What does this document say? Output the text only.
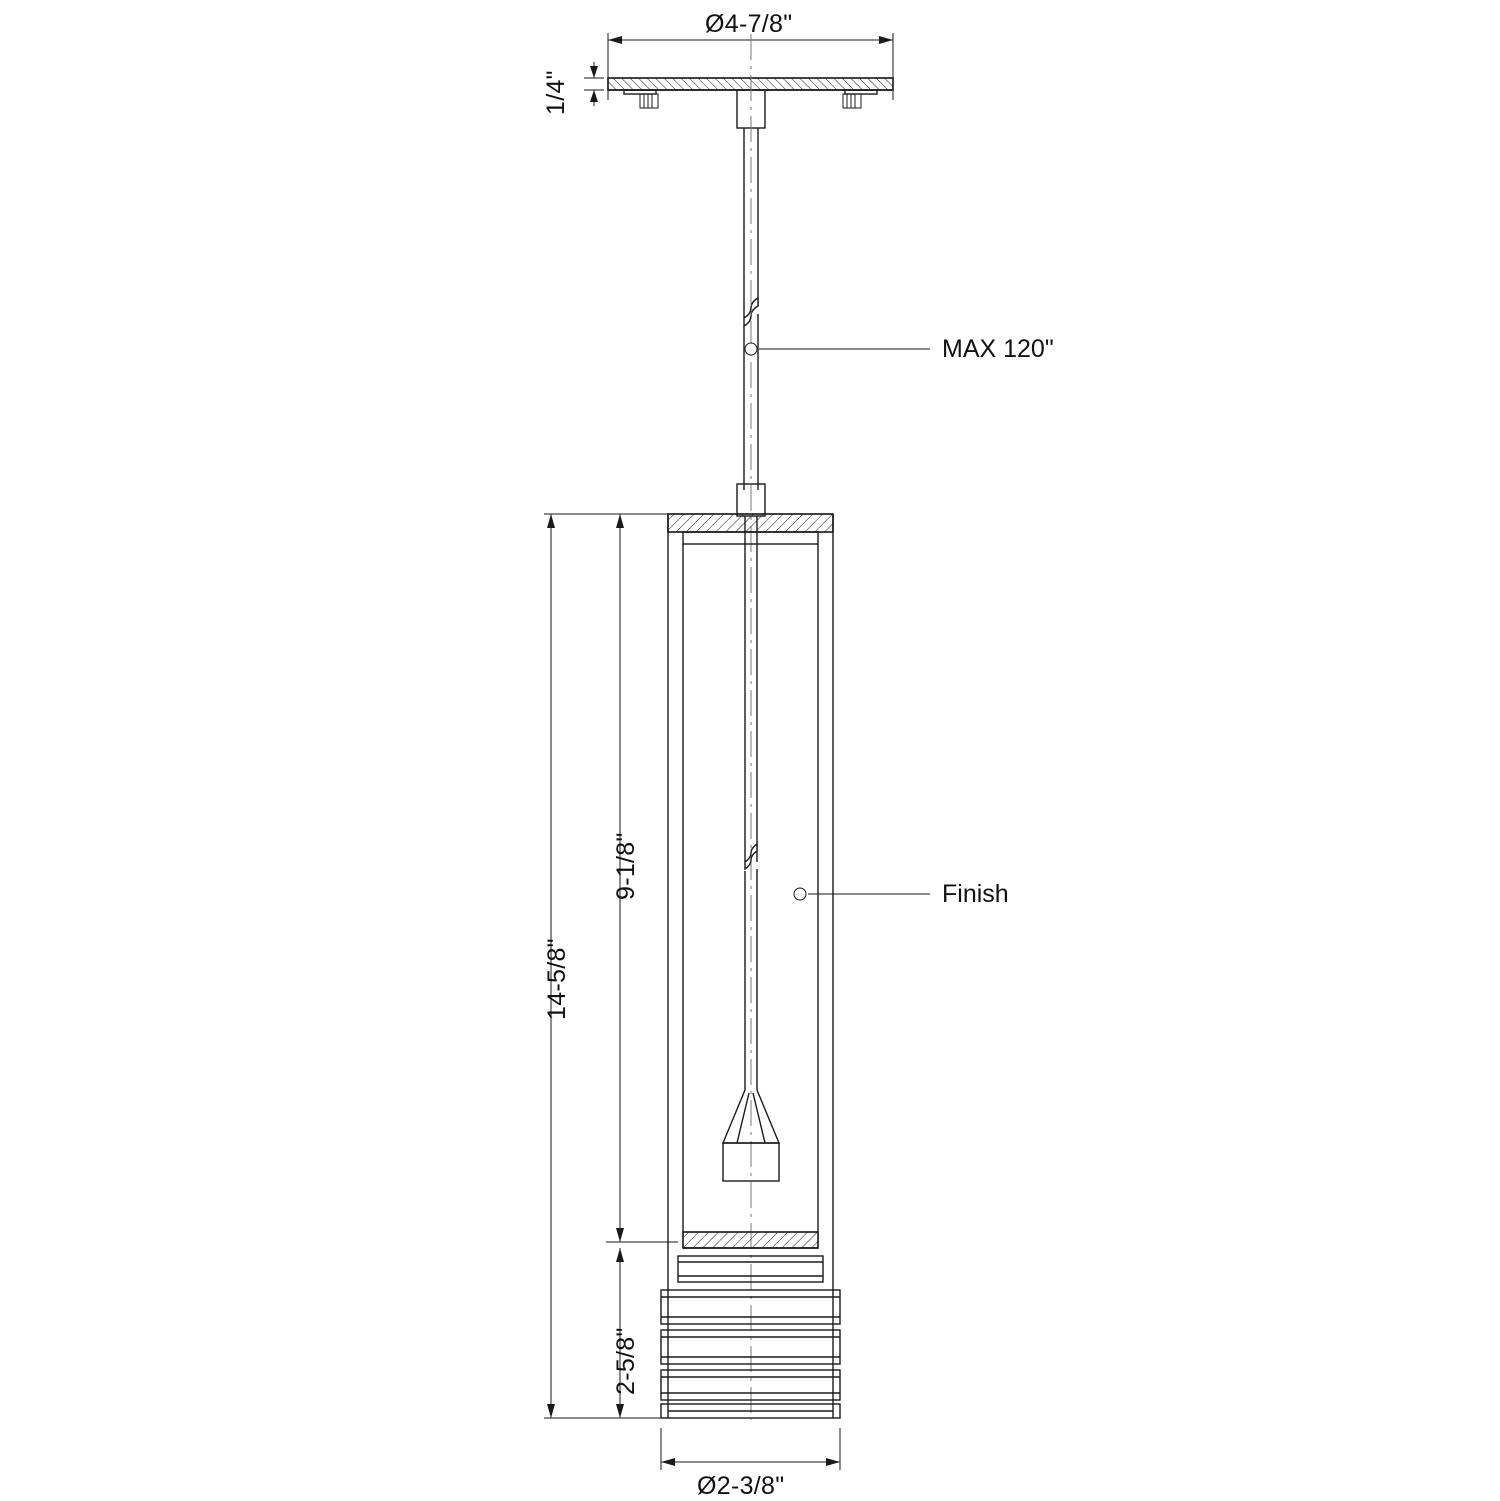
Ø4-7/8"
1/4"
14-5/8"
9-1/8"
2-5/8"
Ø2-3/8"
MAX 120"
Finish
